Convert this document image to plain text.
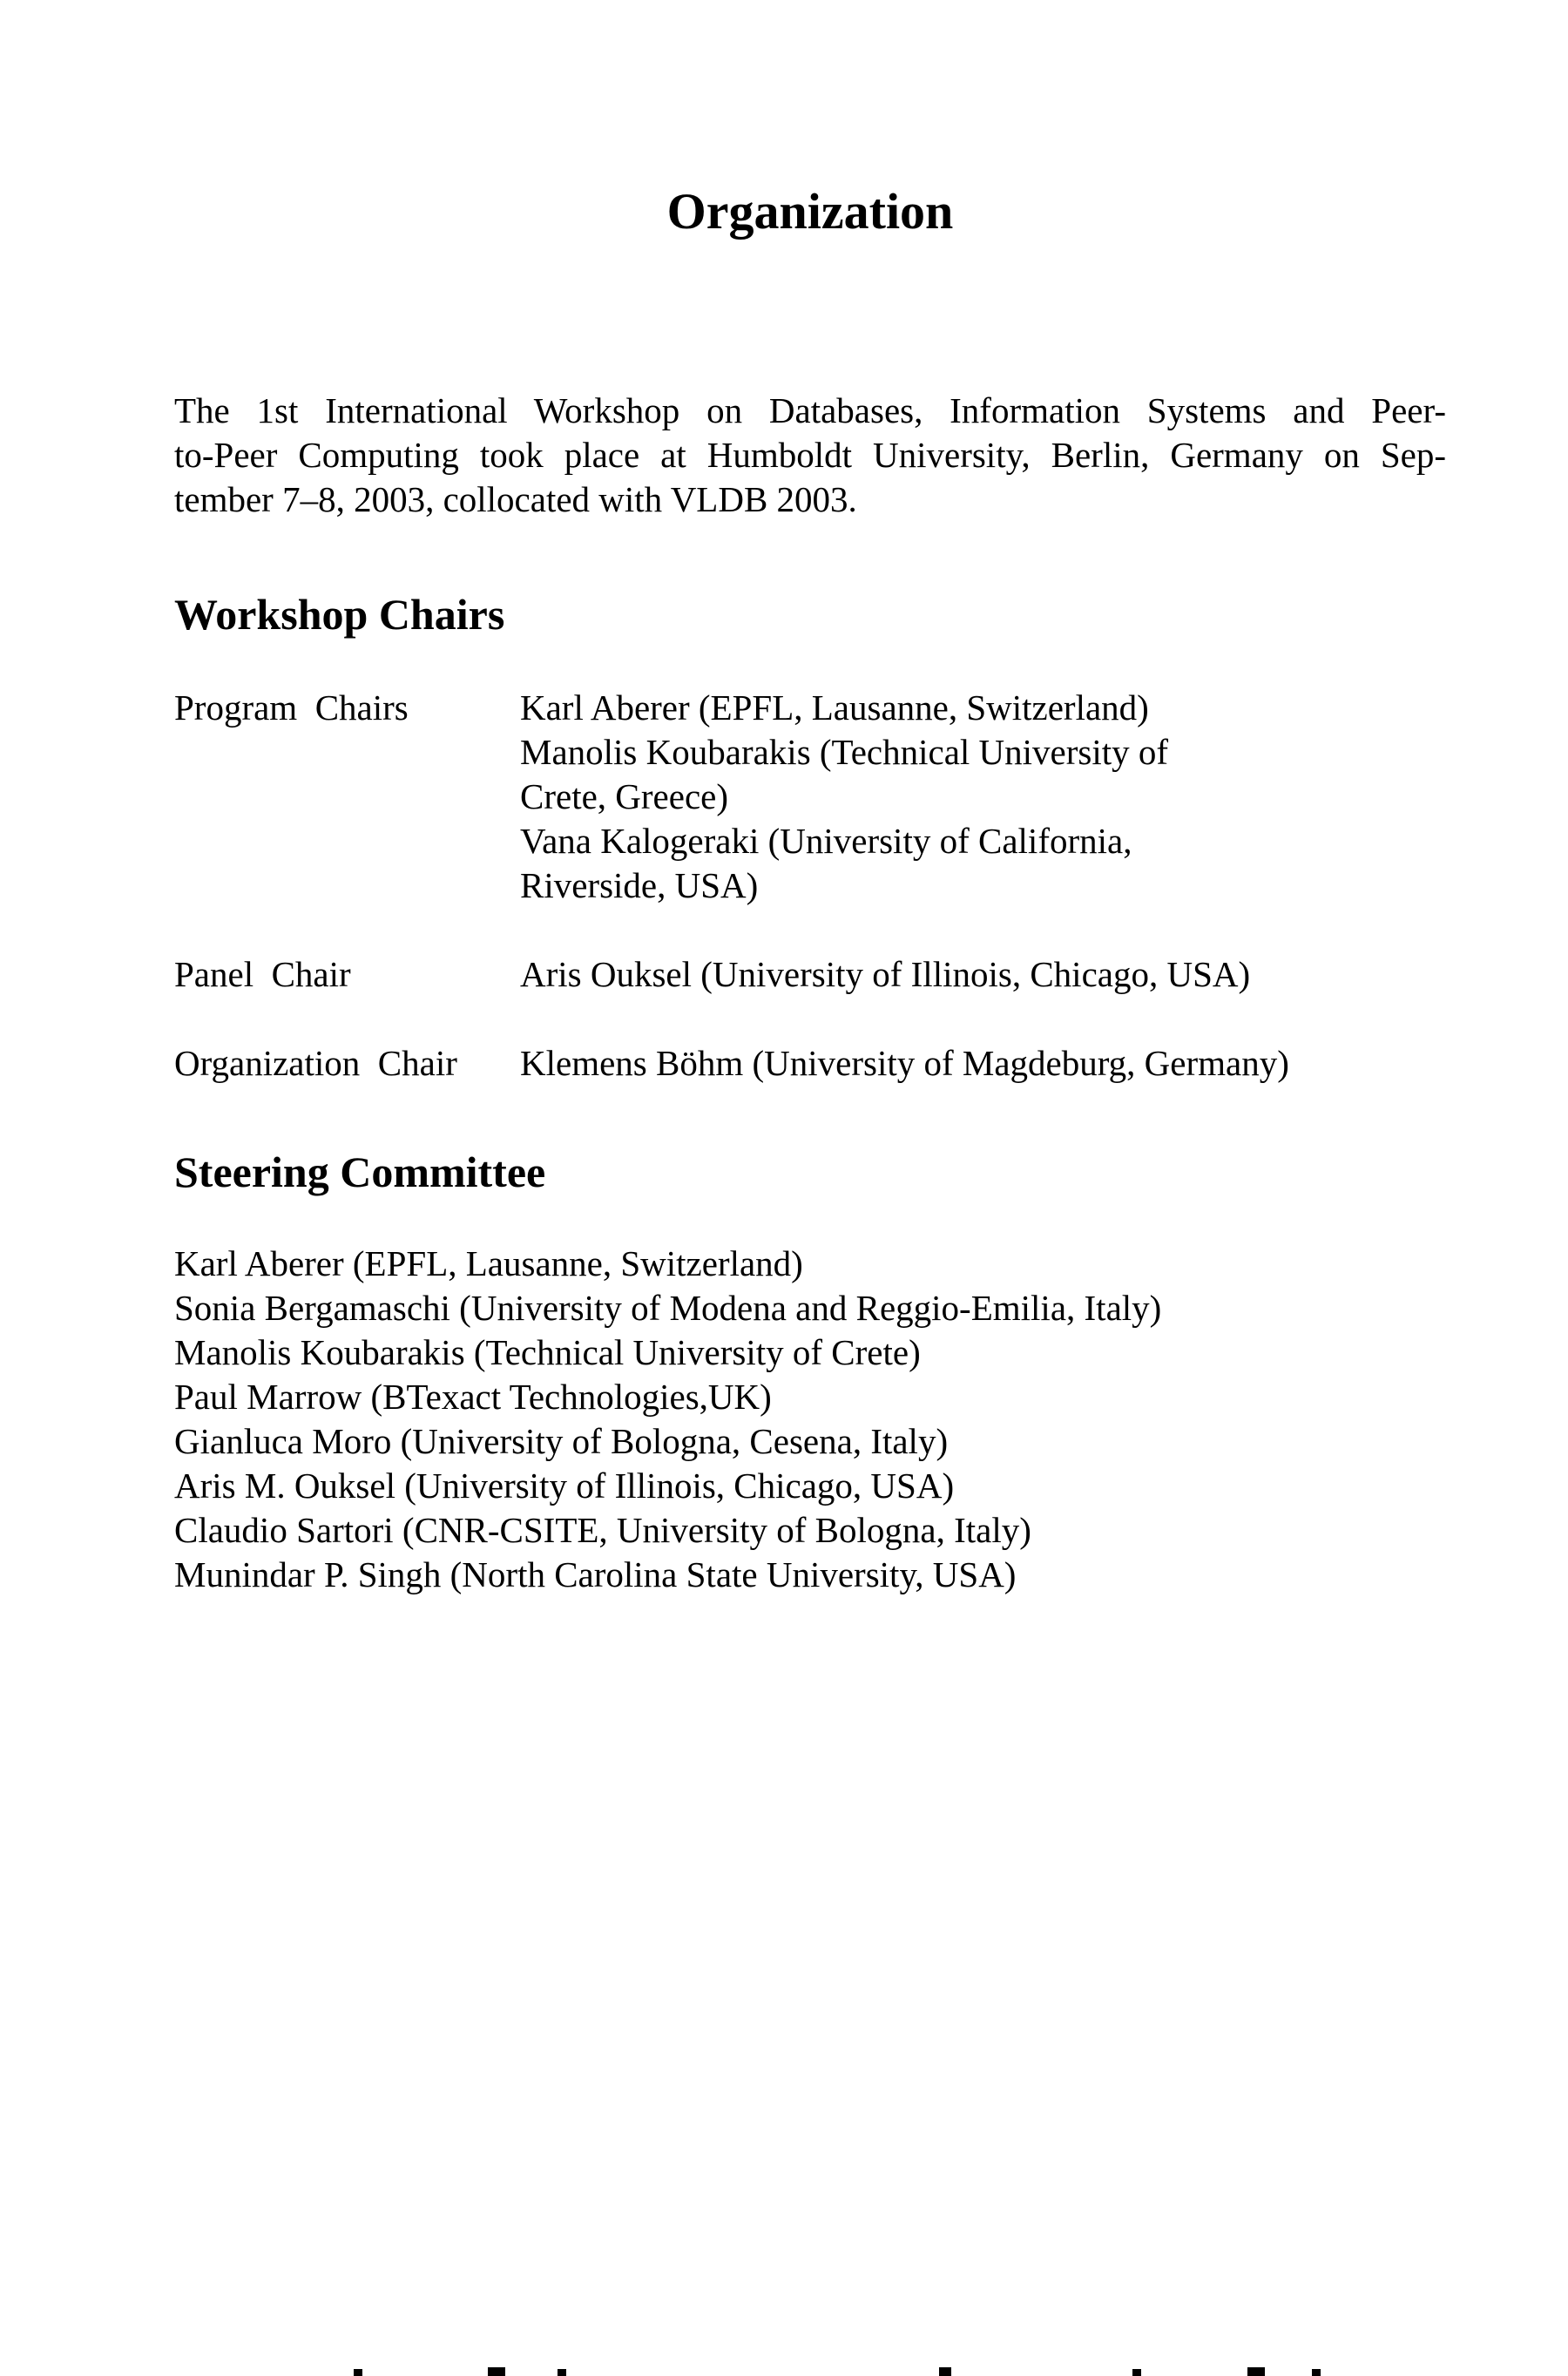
Organization
The 1st International Workshop on Databases, Information Systems and Peer-
to-Peer Computing took place at Humboldt University, Berlin, Germany on Sep-
tember 7–8, 2003, collocated with VLDB 2003.
Workshop Chairs
Program  Chairs	Karl Aberer (EPFL, Lausanne, Switzerland)
Manolis Koubarakis (Technical University of
Crete, Greece)
Vana Kalogeraki (University of California,
Riverside, USA)
Panel  Chair	Aris Ouksel (University of Illinois, Chicago, USA)
Organization  Chair Klemens Böhm (University of Magdeburg, Germany)
Steering Committee
Karl Aberer (EPFL, Lausanne, Switzerland)
Sonia Bergamaschi (University of Modena and Reggio-Emilia, Italy)
Manolis Koubarakis (Technical University of Crete)
Paul Marrow (BTexact Technologies,UK)
Gianluca Moro (University of Bologna, Cesena, Italy)
Aris M. Ouksel (University of Illinois, Chicago, USA)
Claudio Sartori (CNR-CSITE, University of Bologna, Italy)
Munindar P. Singh (North Carolina State University, USA)
